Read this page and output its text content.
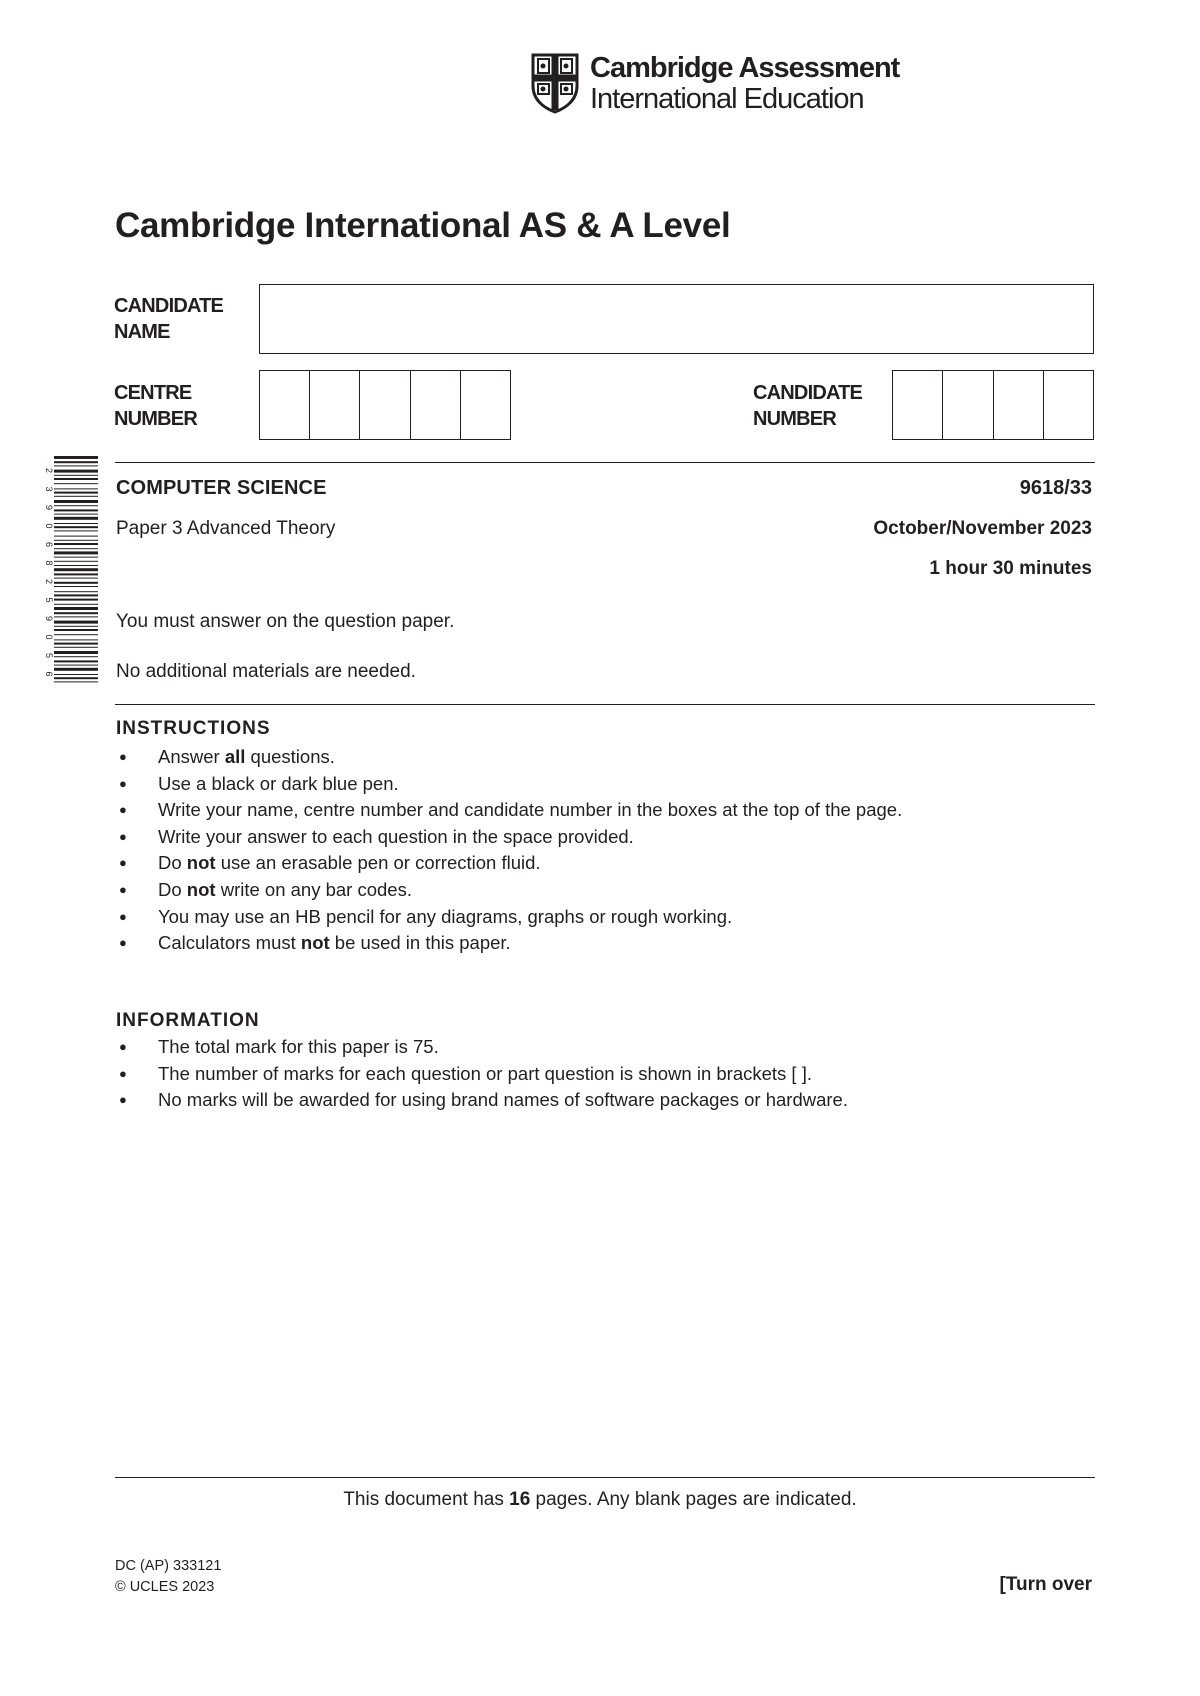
Cambridge Assessment
International Education
Cambridge International AS & A Level
CANDIDATE
NAME
CENTRE
NUMBER
CANDIDATE
NUMBER
2
3
9
0
6
8
2
5
9
0
5
6
COMPUTER SCIENCE	9618/33
Paper 3 Advanced Theory	October/November 2023
1 hour 30 minutes
You must answer on the question paper.
No additional materials are needed.
INSTRUCTIONS
● Answer all questions.
● Use a black or dark blue pen.
● Write your name, centre number and candidate number in the boxes at the top of the page.
● Write your answer to each question in the space provided.
● Do not use an erasable pen or correction fluid.
● Do not write on any bar codes.
● You may use an HB pencil for any diagrams, graphs or rough working.
● Calculators must not be used in this paper.
INFORMATION
● The total mark for this paper is 75.
● The number of marks for each question or part question is shown in brackets [ ].
● No marks will be awarded for using brand names of software packages or hardware.
This document has 16 pages. Any blank pages are indicated.
DC (AP) 333121
© UCLES 2023	[Turn over
